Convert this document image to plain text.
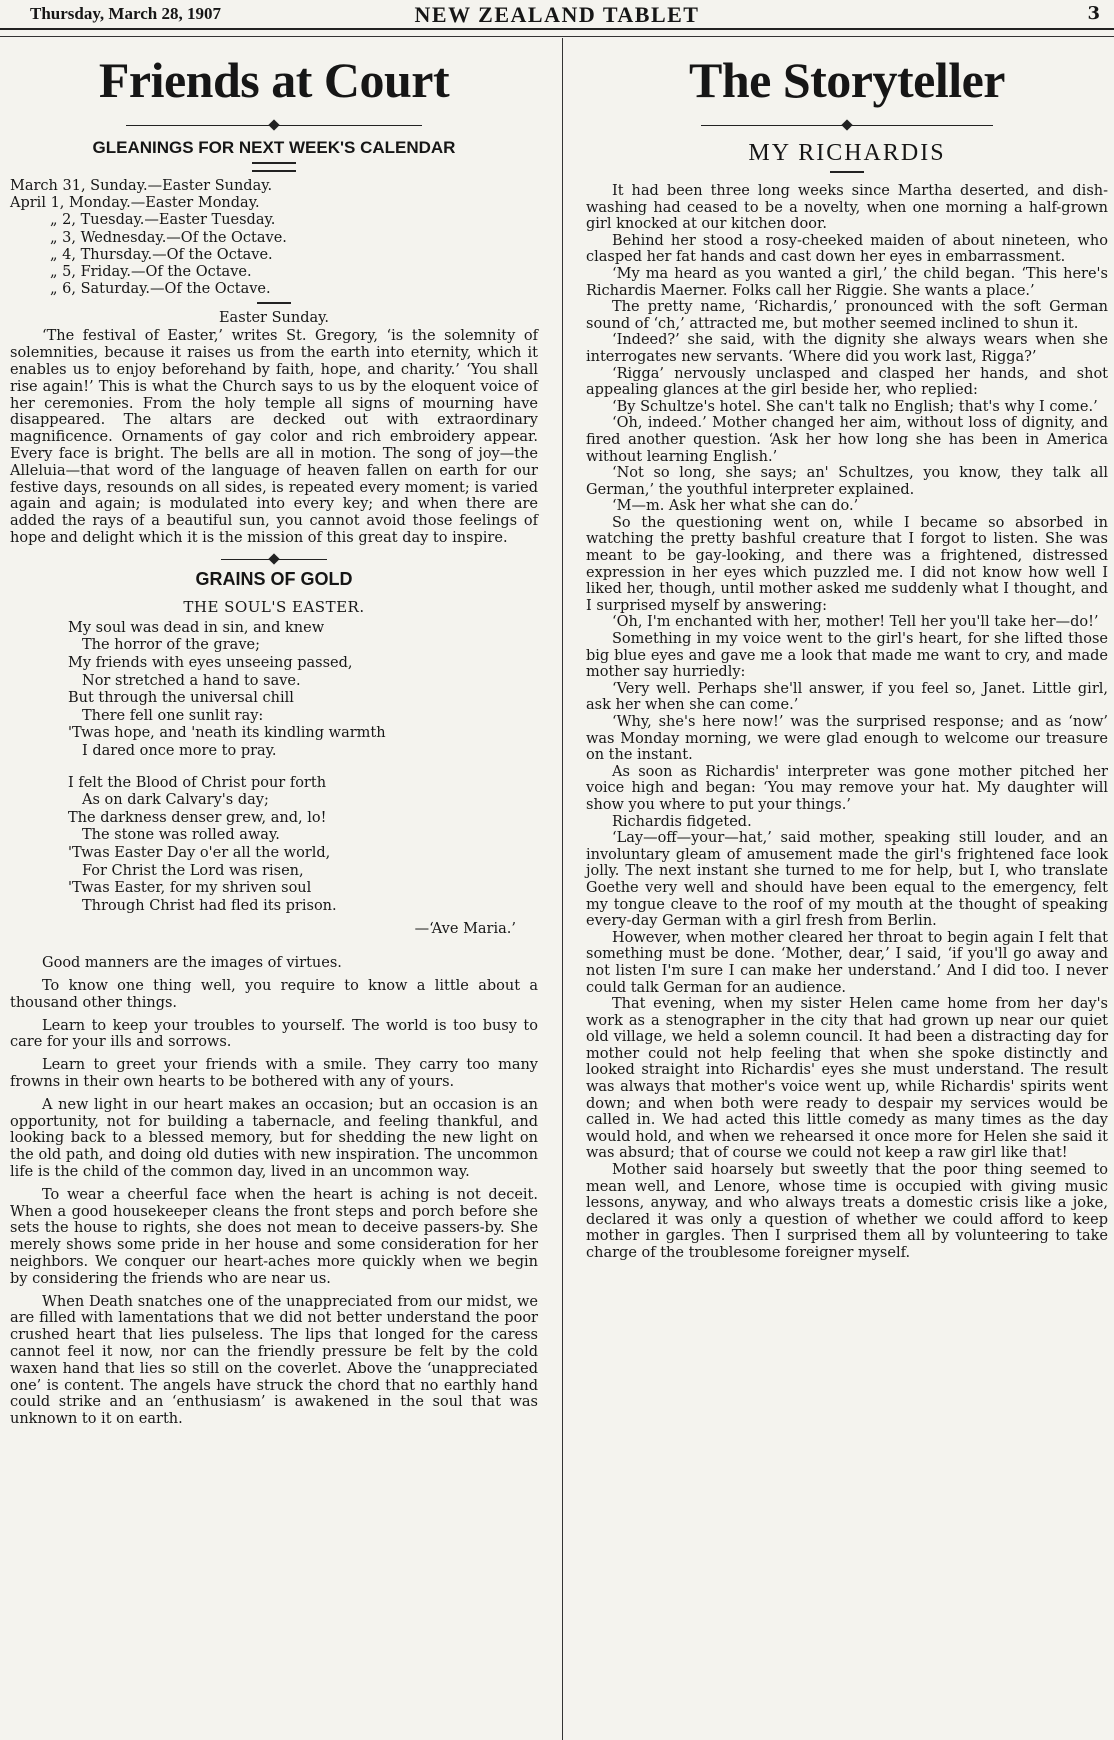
Thursday, March 28, 1907	NEW ZEALAND TABLET	3
Friends at Court
GLEANINGS FOR NEXT WEEK'S CALENDAR
March 31, Sunday.—Easter Sunday.
April 1, Monday.—Easter Monday.
„ 2, Tuesday.—Easter Tuesday.
„ 3, Wednesday.—Of the Octave.
„ 4, Thursday.—Of the Octave.
„ 5, Friday.—Of the Octave.
„ 6, Saturday.—Of the Octave.
Easter Sunday.

‘The festival of Easter,’ writes St. Gregory, ‘is the solemnity of solemnities, because it raises us from the earth into eternity, which it enables us to enjoy beforehand by faith, hope, and charity.’ ‘You shall rise again!’ This is what the Church says to us by the eloquent voice of her ceremonies. From the holy temple all signs of mourning have disappeared. The altars are decked out with extraordinary magnificence. Ornaments of gay color and rich embroidery appear. Every face is bright. The bells are all in motion. The song of joy—the Alleluia—that word of the language of heaven fallen on earth for our festive days, resounds on all sides, is repeated every moment; is varied again and again; is modulated into every key; and when there are added the rays of a beautiful sun, you cannot avoid those feelings of hope and delight which it is the mission of this great day to inspire.

GRAINS OF GOLD
THE SOUL'S EASTER.
My soul was dead in sin, and knew
The horror of the grave;
My friends with eyes unseeing passed,
Nor stretched a hand to save.
But through the universal chill
There fell one sunlit ray:
'Twas hope, and 'neath its kindling warmth
I dared once more to pray.
I felt the Blood of Christ pour forth
As on dark Calvary's day;
The darkness denser grew, and, lo!
The stone was rolled away.
'Twas Easter Day o'er all the world,
For Christ the Lord was risen,
'Twas Easter, for my shriven soul
Through Christ had fled its prison.
—‘Ave Maria.’

Good manners are the images of virtues.

To know one thing well, you require to know a little about a thousand other things.

Learn to keep your troubles to yourself. The world is too busy to care for your ills and sorrows.

Learn to greet your friends with a smile. They carry too many frowns in their own hearts to be bothered with any of yours.

A new light in our heart makes an occasion; but an occasion is an opportunity, not for building a tabernacle, and feeling thankful, and looking back to a blessed memory, but for shedding the new light on the old path, and doing old duties with new inspiration. The uncommon life is the child of the common day, lived in an uncommon way.

To wear a cheerful face when the heart is aching is not deceit. When a good housekeeper cleans the front steps and porch before she sets the house to rights, she does not mean to deceive passers-by. She merely shows some pride in her house and some consideration for her neighbors. We conquer our heart-aches more quickly when we begin by considering the friends who are near us.

When Death snatches one of the unappreciated from our midst, we are filled with lamentations that we did not better understand the poor crushed heart that lies pulseless. The lips that longed for the caress cannot feel it now, nor can the friendly pressure be felt by the cold waxen hand that lies so still on the coverlet. Above the ‘unappreciated one’ is content. The angels have struck the chord that no earthly hand could strike and an ‘enthusiasm’ is awakened in the soul that was unknown to it on earth.

The Storyteller
MY RICHARDIS

It had been three long weeks since Martha deserted, and dish-washing had ceased to be a novelty, when one morning a half-grown girl knocked at our kitchen door.

Behind her stood a rosy-cheeked maiden of about nineteen, who clasped her fat hands and cast down her eyes in embarrassment.

‘My ma heard as you wanted a girl,’ the child began. ‘This here's Richardis Maerner. Folks call her Riggie. She wants a place.’

The pretty name, ‘Richardis,’ pronounced with the soft German sound of ‘ch,’ attracted me, but mother seemed inclined to shun it.

‘Indeed?’ she said, with the dignity she always wears when she interrogates new servants. ‘Where did you work last, Rigga?’

‘Rigga’ nervously unclasped and clasped her hands, and shot appealing glances at the girl beside her, who replied:

‘By Schultze's hotel. She can't talk no English; that's why I come.’

‘Oh, indeed.’ Mother changed her aim, without loss of dignity, and fired another question. ‘Ask her how long she has been in America without learning English.’

‘Not so long, she says; an' Schultzes, you know, they talk all German,’ the youthful interpreter explained.

‘M—m. Ask her what she can do.’

So the questioning went on, while I became so absorbed in watching the pretty bashful creature that I forgot to listen. She was meant to be gay-looking, and there was a frightened, distressed expression in her eyes which puzzled me. I did not know how well I liked her, though, until mother asked me suddenly what I thought, and I surprised myself by answering:

‘Oh, I'm enchanted with her, mother! Tell her you'll take her—do!’

Something in my voice went to the girl's heart, for she lifted those big blue eyes and gave me a look that made me want to cry, and made mother say hurriedly:

‘Very well. Perhaps she'll answer, if you feel so, Janet. Little girl, ask her when she can come.’

‘Why, she's here now!’ was the surprised response; and as ‘now’ was Monday morning, we were glad enough to welcome our treasure on the instant.

As soon as Richardis' interpreter was gone mother pitched her voice high and began: ‘You may remove your hat. My daughter will show you where to put your things.’

Richardis fidgeted.

‘Lay—off—your—hat,’ said mother, speaking still louder, and an involuntary gleam of amusement made the girl's frightened face look jolly. The next instant she turned to me for help, but I, who translate Goethe very well and should have been equal to the emergency, felt my tongue cleave to the roof of my mouth at the thought of speaking every-day German with a girl fresh from Berlin.

However, when mother cleared her throat to begin again I felt that something must be done. ‘Mother, dear,’ I said, ‘if you'll go away and not listen I'm sure I can make her understand.’ And I did too. I never could talk German for an audience.

That evening, when my sister Helen came home from her day's work as a stenographer in the city that had grown up near our quiet old village, we held a solemn council. It had been a distracting day for mother could not help feeling that when she spoke distinctly and looked straight into Richardis' eyes she must understand. The result was always that mother's voice went up, while Richardis' spirits went down; and when both were ready to despair my services would be called in. We had acted this little comedy as many times as the day would hold, and when we rehearsed it once more for Helen she said it was absurd; that of course we could not keep a raw girl like that!

Mother said hoarsely but sweetly that the poor thing seemed to mean well, and Lenore, whose time is occupied with giving music lessons, anyway, and who always treats a domestic crisis like a joke, declared it was only a question of whether we could afford to keep mother in gargles. Then I surprised them all by volunteering to take charge of the troublesome foreigner myself.
